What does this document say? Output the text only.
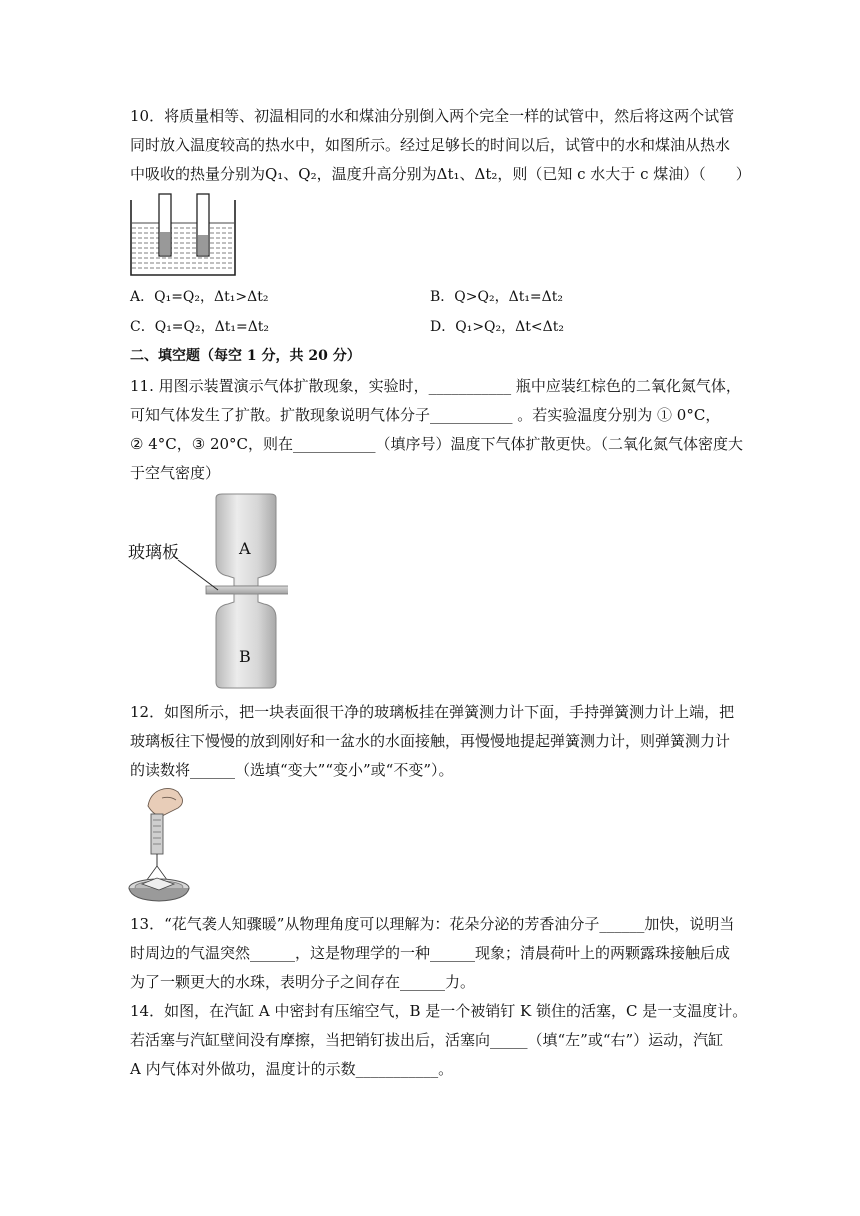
10．将质量相等、初温相同的水和煤油分别倒入两个完全一样的试管中，然后将这两个试管
同时放入温度较高的热水中，如图所示。经过足够长的时间以后，试管中的水和煤油从热水
中吸收的热量分别为Q₁、Q₂，温度升高分别为Δt₁、Δt₂，则（已知 c 水大于 c 煤油）（　　）
A．Q₁=Q₂，Δt₁>Δt₂	B．Q>Q₂，Δt₁=Δt₂
C．Q₁=Q₂，Δt₁=Δt₂	D．Q₁>Q₂，Δt<Δt₂
二、填空题（每空 1 分，共 20 分）
11. 用图示装置演示气体扩散现象，实验时，___________ 瓶中应装红棕色的二氧化氮气体，
可知气体发生了扩散。扩散现象说明气体分子___________ 。若实验温度分别为 ① 0°C，
② 4°C，③ 20°C，则在___________（填序号）温度下气体扩散更快。（二氧化氮气体密度大
于空气密度）
玻璃板	A
B
12．如图所示，把一块表面很干净的玻璃板挂在弹簧测力计下面，手持弹簧测力计上端，把
玻璃板往下慢慢的放到刚好和一盆水的水面接触，再慢慢地提起弹簧测力计，则弹簧测力计
的读数将______（选填“变大”“变小”或“不变”）。
13．“花气袭人知骤暖”从物理角度可以理解为：花朵分泌的芳香油分子______加快，说明当
时周边的气温突然______，这是物理学的一种______现象；清晨荷叶上的两颗露珠接触后成
为了一颗更大的水珠，表明分子之间存在______力。
14．如图，在汽缸 A 中密封有压缩空气，B 是一个被销钉 K 锁住的活塞，C 是一支温度计。
若活塞与汽缸壁间没有摩擦，当把销钉拔出后，活塞向_____（填“左”或“右”）运动，汽缸
A 内气体对外做功，温度计的示数___________。
